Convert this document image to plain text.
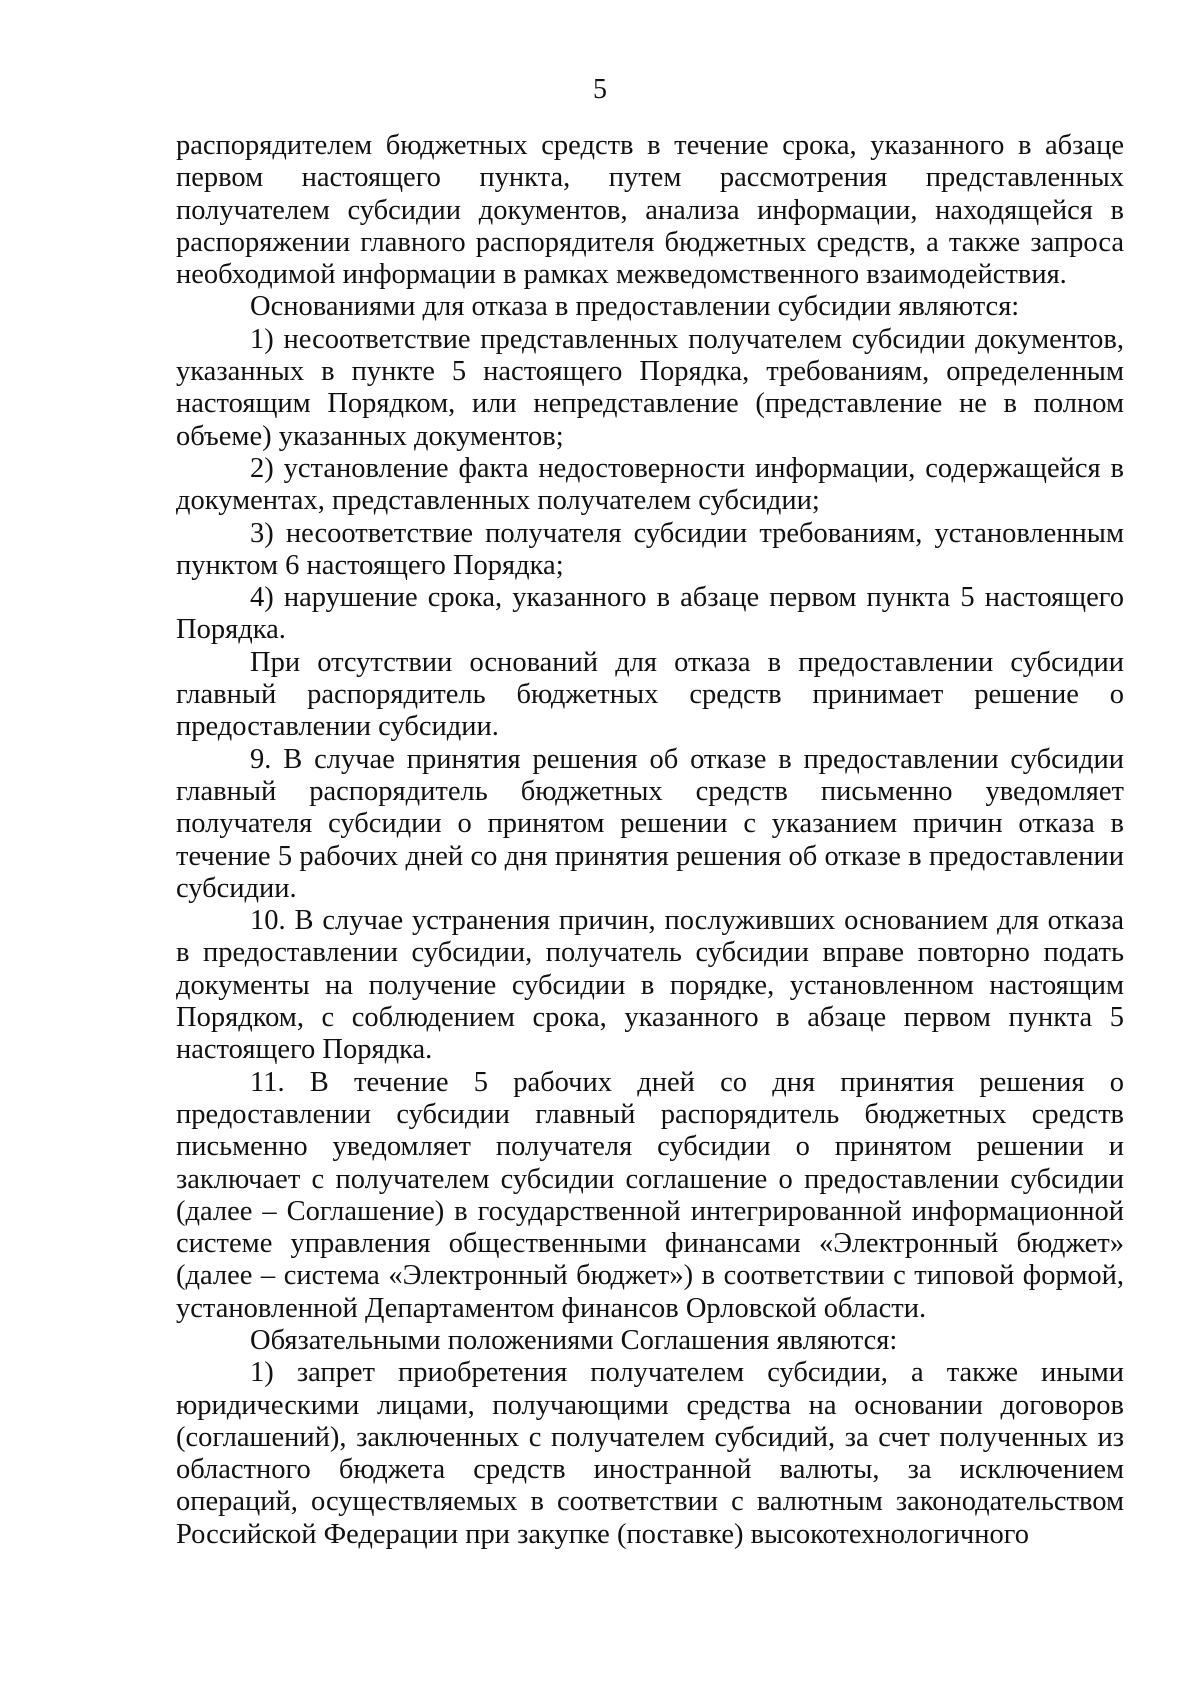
5

распорядителем бюджетных средств в течение срока, указанного в абзаце первом настоящего пункта, путем рассмотрения представленных получателем субсидии документов, анализа информации, находящейся в распоряжении главного распорядителя бюджетных средств, а также запроса необходимой информации в рамках межведомственного взаимодействия.

Основаниями для отказа в предоставлении субсидии являются:

1) несоответствие представленных получателем субсидии документов, указанных в пункте 5 настоящего Порядка, требованиям, определенным настоящим Порядком, или непредставление (представление не в полном объеме) указанных документов;

2) установление факта недостоверности информации, содержащейся в документах, представленных получателем субсидии;

3) несоответствие получателя субсидии требованиям, установленным пунктом 6 настоящего Порядка;

4) нарушение срока, указанного в абзаце первом пункта 5 настоящего Порядка.

При отсутствии оснований для отказа в предоставлении субсидии главный распорядитель бюджетных средств принимает решение о предоставлении субсидии.

9. В случае принятия решения об отказе в предоставлении субсидии главный распорядитель бюджетных средств письменно уведомляет получателя субсидии о принятом решении с указанием причин отказа в течение 5 рабочих дней со дня принятия решения об отказе в предоставлении субсидии.

10. В случае устранения причин, послуживших основанием для отказа в предоставлении субсидии, получатель субсидии вправе повторно подать документы на получение субсидии в порядке, установленном настоящим Порядком, с соблюдением срока, указанного в абзаце первом пункта 5 настоящего Порядка.

11. В течение 5 рабочих дней со дня принятия решения о предоставлении субсидии главный распорядитель бюджетных средств письменно уведомляет получателя субсидии о принятом решении и заключает с получателем субсидии соглашение о предоставлении субсидии (далее – Соглашение) в государственной интегрированной информационной системе управления общественными финансами «Электронный бюджет» (далее – система «Электронный бюджет») в соответствии с типовой формой, установленной Департаментом финансов Орловской области.

Обязательными положениями Соглашения являются:

1) запрет приобретения получателем субсидии, а также иными юридическими лицами, получающими средства на основании договоров (соглашений), заключенных с получателем субсидий, за счет полученных из областного бюджета средств иностранной валюты, за исключением операций, осуществляемых в соответствии с валютным законодательством Российской Федерации при закупке (поставке) высокотехнологичного
